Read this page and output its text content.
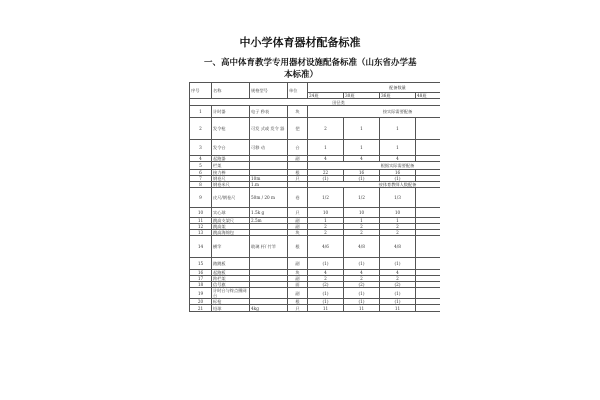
中小学体育器材配备标准
一、高中体育教学专用器材设施配备标准（山东省办学基
本标准）
序号	名称	规格型号	单位	配备数量				
				24班	30班	36班	48班	
田径类								
1	计时器	电子 秒表	块	按实际需要配备				
2	发令枪	可发 式或 发令 器	把	2	1	1		
3	发令台	可移 动	台	1	1	1		
4	起跑器		副	4	4	4		
5	栏架			根据实际需要配备				
6	接力棒		根	22	16	16		
7	钢卷尺	10m	只	(1)	(1)	(1)		
8	钢卷米尺	1.m		按体育教师人数配备				
9	皮尺/钢卷尺	50m / 20 m	卷	1/2	1/2	1/3		
10	实心球	1.5k g	只	10	10	10		
11	跳高支架尺	2.5m	副	1	1	1		
12	跳高架		副	2	2	2		
13	跳高海绵包		块	2	2	2		
14	横竿	玻璃 杆/ 竹竿	根	4/6	4/8	4/8		
15	踏跳板		副	(1)	(1)	(1)		
16	起跑板		块	4	4	4		
17	跨栏架		副	2	2	2		
18	信号旗		面	(2)	(2)	(2)		
19	计时台与终点摄网台		副	(1)	(1)	(1)		
20	标枪		根	(1)	(1)	(1)		
21	铅球	4kg	只	11	11	11		
